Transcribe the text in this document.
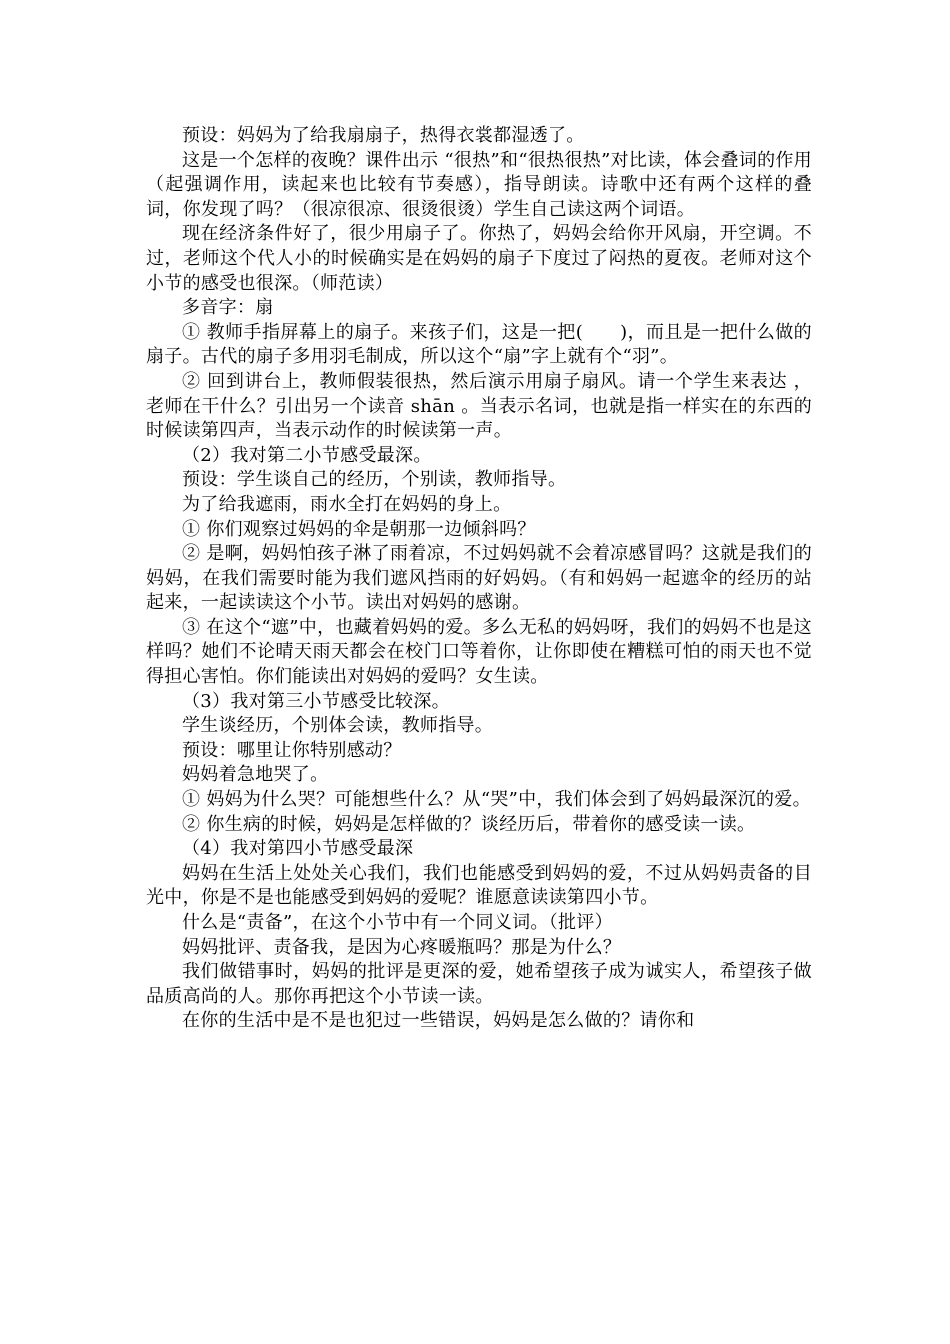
预设：妈妈为了给我扇扇子，热得衣裳都湿透了。

这是一个怎样的夜晚？课件出示 “很热”和“很热很热”对比读，体会叠词的作用（起强调作用，读起来也比较有节奏感），指导朗读。诗歌中还有两个这样的叠词，你发现了吗？（很凉很凉、很烫很烫）学生自己读这两个词语。

现在经济条件好了，很少用扇子了。你热了，妈妈会给你开风扇，开空调。不过，老师这个代人小的时候确实是在妈妈的扇子下度过了闷热的夏夜。老师对这个小节的感受也很深。（师范读）

多音字：扇

① 教师手指屏幕上的扇子。来孩子们，这是一把(　　)，而且是一把什么做的扇子。古代的扇子多用羽毛制成，所以这个“扇”字上就有个“羽”。

② 回到讲台上，教师假装很热，然后演示用扇子扇风。请一个学生来表达 ，老师在干什么？引出另一个读音 shān 。当表示名词，也就是指一样实在的东西的时候读第四声，当表示动作的时候读第一声。

（2）我对第二小节感受最深。

预设：学生谈自己的经历，个别读，教师指导。

为了给我遮雨，雨水全打在妈妈的身上。

① 你们观察过妈妈的伞是朝那一边倾斜吗？

② 是啊，妈妈怕孩子淋了雨着凉，不过妈妈就不会着凉感冒吗？这就是我们的妈妈，在我们需要时能为我们遮风挡雨的好妈妈。（有和妈妈一起遮伞的经历的站起来，一起读读这个小节。读出对妈妈的感谢。

③ 在这个“遮”中，也藏着妈妈的爱。多么无私的妈妈呀，我们的妈妈不也是这样吗？她们不论晴天雨天都会在校门口等着你，让你即使在糟糕可怕的雨天也不觉得担心害怕。你们能读出对妈妈的爱吗？女生读。

（3）我对第三小节感受比较深。

学生谈经历，个别体会读，教师指导。

预设：哪里让你特别感动？

妈妈着急地哭了。

① 妈妈为什么哭？可能想些什么？从“哭”中，我们体会到了妈妈最深沉的爱。

② 你生病的时候，妈妈是怎样做的？谈经历后，带着你的感受读一读。

（4）我对第四小节感受最深

妈妈在生活上处处关心我们，我们也能感受到妈妈的爱，不过从妈妈责备的目光中，你是不是也能感受到妈妈的爱呢？谁愿意读读第四小节。

什么是“责备”，在这个小节中有一个同义词。（批评）

妈妈批评、责备我，是因为心疼暖瓶吗？那是为什么？

我们做错事时，妈妈的批评是更深的爱，她希望孩子成为诚实人，希望孩子做品质高尚的人。那你再把这个小节读一读。

在你的生活中是不是也犯过一些错误，妈妈是怎么做的？请你和
